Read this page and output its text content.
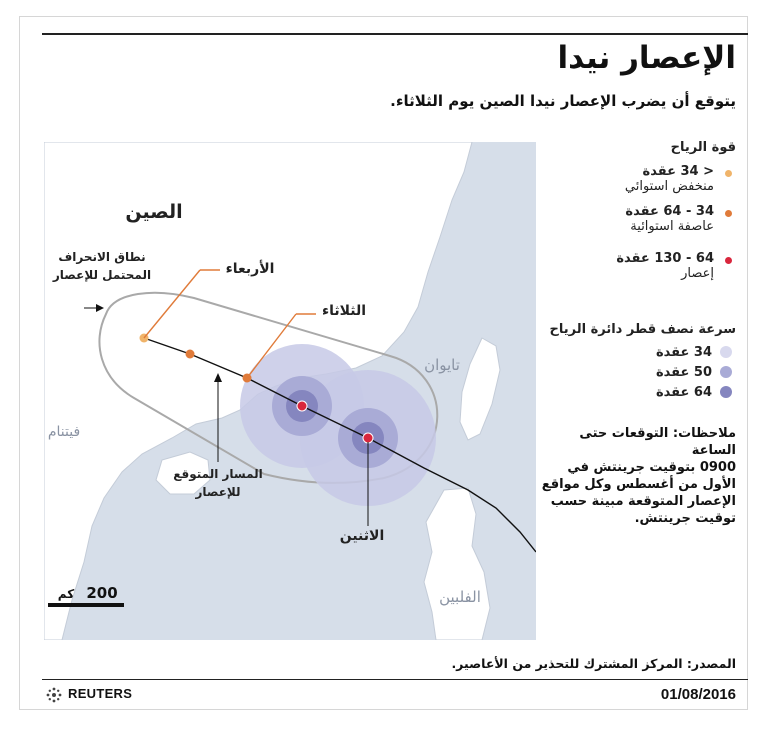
الإعصار نيدا
يتوقع أن يضرب الإعصار نيدا الصين يوم الثلاثاء.
الصين
تايوان
فيتنام
الفلبين
الأربعاء
الثلاثاء
الاثنين
نطاق الانحراف
المحتمل للإعصار
المسار المتوقع
للإعصار
200
كم
قوة الرياح
< 34 عقدة
منخفض استوائي
34 - 64 عقدة
عاصفة استوائية
64 - 130 عقدة
إعصار
سرعة نصف قطر دائرة الرياح
34 عقدة
50 عقدة
64 عقدة
ملاحظات: التوقعات حتى الساعة
0900 بتوقيت جرينتش في
الأول من أغسطس وكل مواقع
الإعصار المتوقعة مبينة حسب
توقيت جرينتش.
المصدر: المركز المشترك للتحذير من الأعاصير.
REUTERS	01/08/2016
